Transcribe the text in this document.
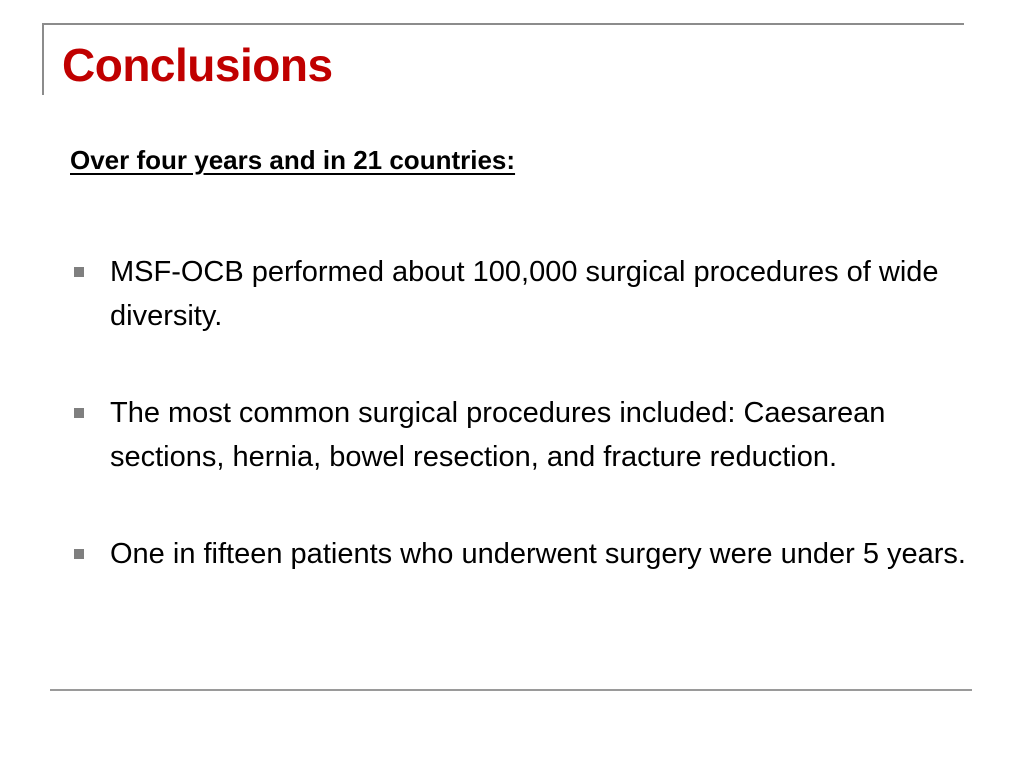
Conclusions

Over four years and in 21 countries:

MSF-OCB performed about 100,000 surgical procedures of wide diversity.
The most common surgical procedures included: Caesarean sections, hernia, bowel resection, and fracture reduction.
One in fifteen patients who underwent surgery were under 5 years.
